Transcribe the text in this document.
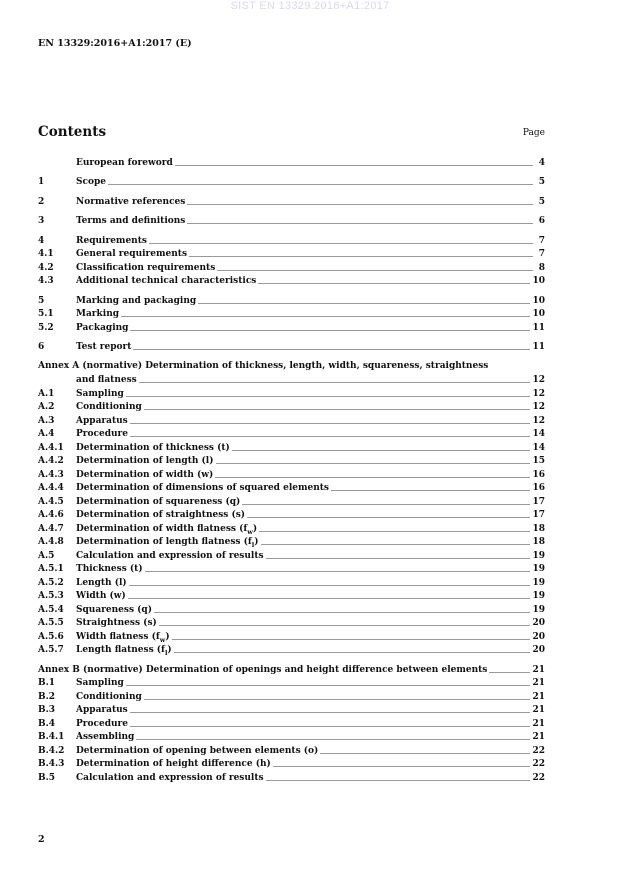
SIST EN 13329:2016+A1:2017
EN 13329:2016+A1:2017 (E)
Contents	Page
European foreword	4
1	Scope	5
2	Normative references	5
3	Terms and definitions	6
4	Requirements	7
4.1	General requirements	7
4.2	Classification requirements	8
4.3	Additional technical characteristics	10
5	Marking and packaging	10
5.1	Marking	10
5.2	Packaging	11
6	Test report	11
Annex A (normative) Determination of thickness, length, width, squareness, straightness
and flatness	12
A.1	Sampling	12
A.2	Conditioning	12
A.3	Apparatus	12
A.4	Procedure	14
A.4.1	Determination of thickness (t)	14
A.4.2	Determination of length (l)	15
A.4.3	Determination of width (w)	16
A.4.4	Determination of dimensions of squared elements	16
A.4.5	Determination of squareness (q)	17
A.4.6	Determination of straightness (s)	17
A.4.7	Determination of width flatness $(f_w)$	18
A.4.8	Determination of length flatness $(f_l)$	18
A.5	Calculation and expression of results	19
A.5.1	Thickness (t)	19
A.5.2	Length (l)	19
A.5.3	Width (w)	19
A.5.4	Squareness (q)	19
A.5.5	Straightness (s)	20
A.5.6	Width flatness $(f_w)$	20
A.5.7	Length flatness $(f_l)$	20
Annex B (normative) Determination of openings and height difference between elements	21
B.1	Sampling	21
B.2	Conditioning	21
B.3	Apparatus	21
B.4	Procedure	21
B.4.1	Assembling	21
B.4.2	Determination of opening between elements (o)	22
B.4.3	Determination of height difference (h)	22
B.5	Calculation and expression of results	22
2
